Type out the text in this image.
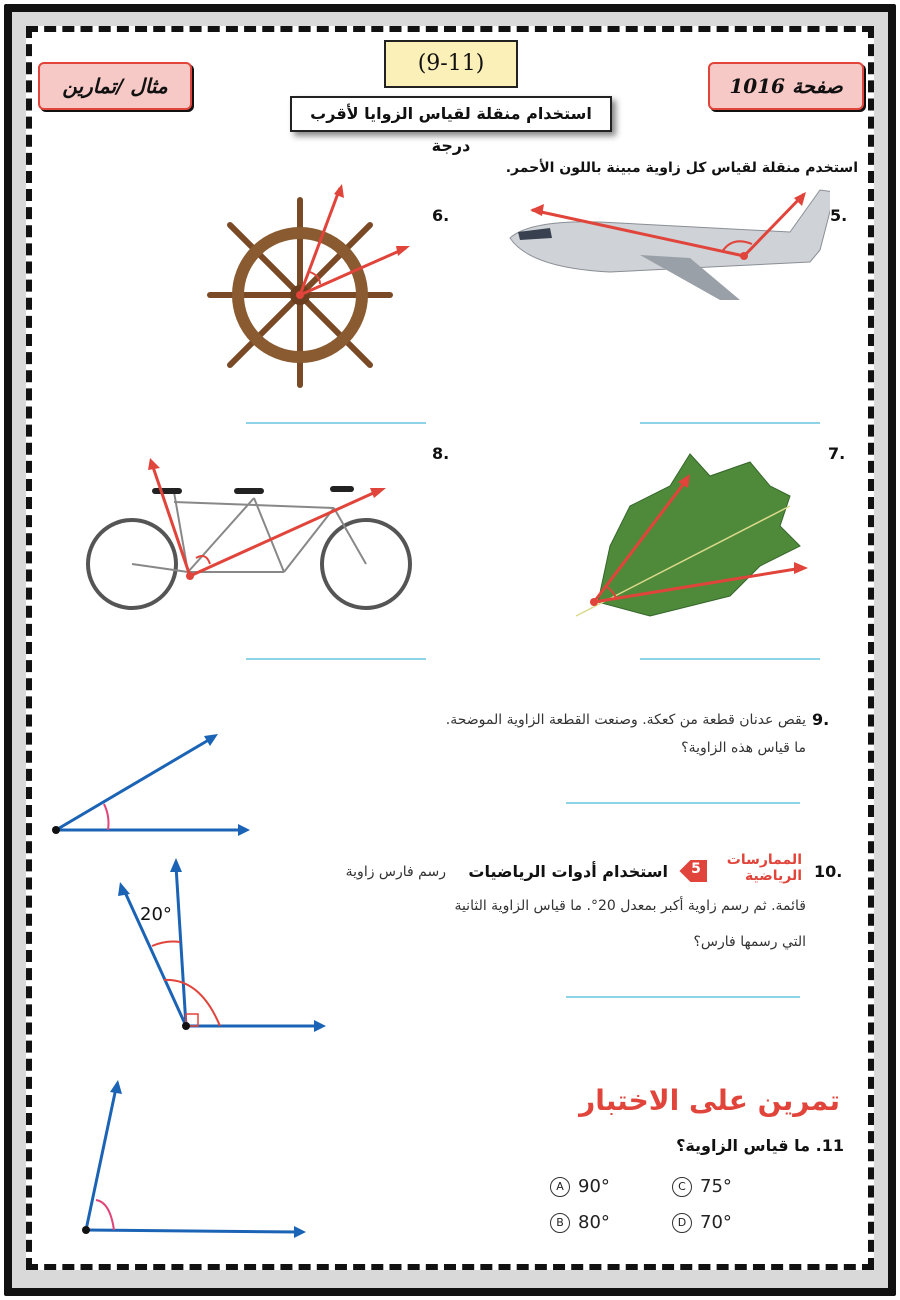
مثال /تمارين	صفحة 1016
(9-11)
استخدام منقلة لقياس الزوايا لأقرب درجة
استخدم منقلة لقياس كل زاوية مبينة باللون الأحمر.
5.
6.
7.
8.
9.
يقص عدنان قطعة من كعكة. وصنعت القطعة الزاوية الموضحة.
ما قياس هذه الزاوية؟
10.
الممارسات
الرياضية
5
استخدام أدوات الرياضيات
رسم فارس زاوية
قائمة. ثم رسم زاوية أكبر بمعدل 20°. ما قياس الزاوية الثانية
التي رسمها فارس؟
20°
تمرين على الاختبار
11. ما قياس الزاوية؟
A 90°	C 75°
B 80°	D 70°
